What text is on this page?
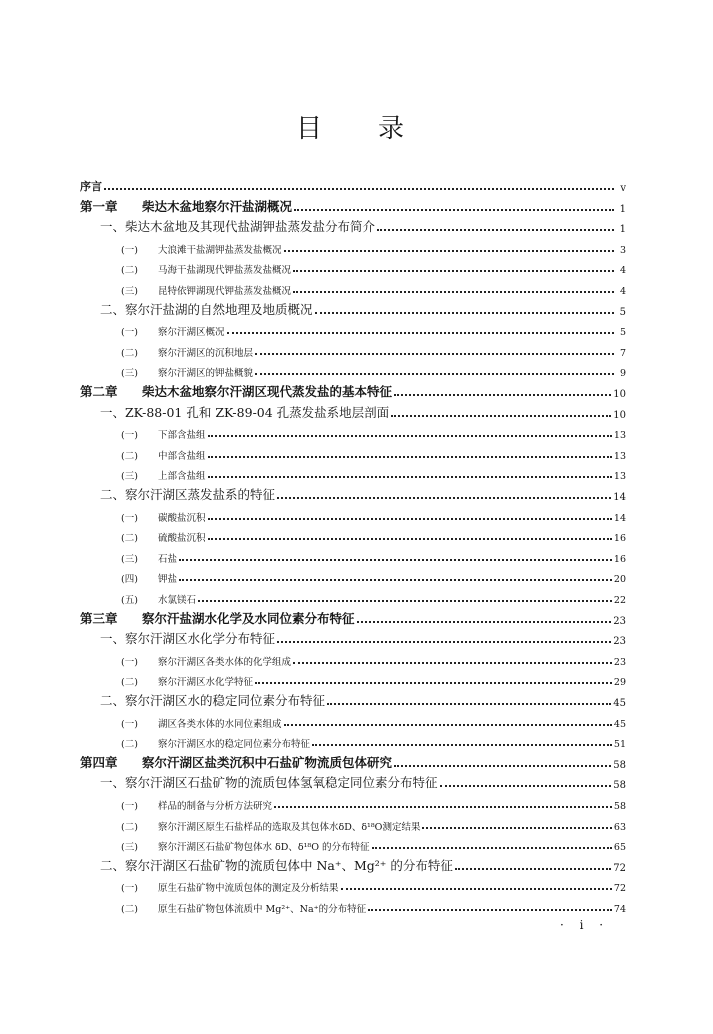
目录
序言	v
第一章	柴达木盆地察尔汗盐湖概况	1
一、柴达木盆地及其现代盐湖钾盐蒸发盐分布简介	1
(一)	大浪滩干盐湖钾盐蒸发盐概况	3
(二)	马海干盐湖现代钾盐蒸发盐概况	4
(三)	昆特依钾湖现代钾盐蒸发盐概况	4
二、察尔汗盐湖的自然地理及地质概况	5
(一)	察尔汗湖区概况	5
(二)	察尔汗湖区的沉积地层	7
(三)	察尔汗湖区的钾盐概貌	9
第二章	柴达木盆地察尔汗湖区现代蒸发盐的基本特征	10
一、ZK-88-01 孔和 ZK-89-04 孔蒸发盐系地层剖面	10
(一)	下部含盐组	13
(二)	中部含盐组	13
(三)	上部含盐组	13
二、察尔汗湖区蒸发盐系的特征	14
(一)	碳酸盐沉积	14
(二)	硫酸盐沉积	16
(三)	石盐	16
(四)	钾盐	20
(五)	水氯镁石	22
第三章	察尔汗盐湖水化学及水同位素分布特征	23
一、察尔汗湖区水化学分布特征	23
(一)	察尔汗湖区各类水体的化学组成	23
(二)	察尔汗湖区水化学特征	29
二、察尔汗湖区水的稳定同位素分布特征	45
(一)	湖区各类水体的水同位素组成	45
(二)	察尔汗湖区水的稳定同位素分布特征	51
第四章	察尔汗湖区盐类沉积中石盐矿物流质包体研究	58
一、察尔汗湖区石盐矿物的流质包体氢氧稳定同位素分布特征	58
(一)	样品的制备与分析方法研究	58
(二)	察尔汗湖区原生石盐样品的选取及其包体水δD、δ¹⁸O测定结果	63
(三)	察尔汗湖区石盐矿物包体水 δD、δ¹⁸O 的分布特征	65
二、察尔汗湖区石盐矿物的流质包体中 Na⁺、Mg²⁺ 的分布特征	72
(一)	原生石盐矿物中流质包体的测定及分析结果	72
(二)	原生石盐矿物包体流质中 Mg²⁺、Na⁺的分布特征	74
· i ·
